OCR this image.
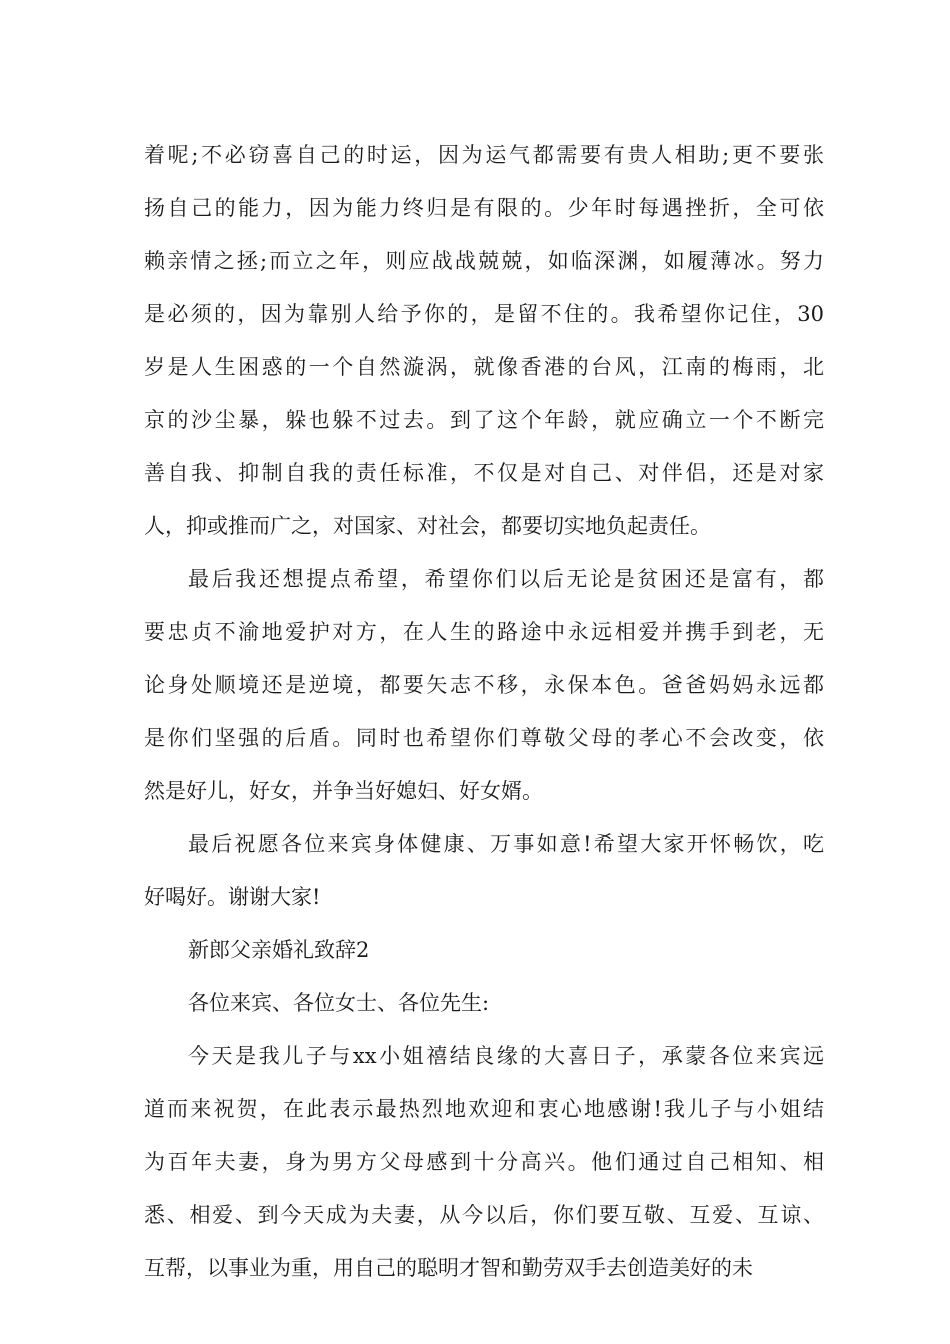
着呢;不必窃喜自己的时运，因为运气都需要有贵人相助;更不要张
扬自己的能力，因为能力终归是有限的。少年时每遇挫折，全可依
赖亲情之拯;而立之年，则应战战兢兢，如临深渊，如履薄冰。努力
是必须的，因为靠别人给予你的，是留不住的。我希望你记住，30
岁是人生困惑的一个自然漩涡，就像香港的台风，江南的梅雨，北
京的沙尘暴，躲也躲不过去。到了这个年龄，就应确立一个不断完
善自我、抑制自我的责任标准，不仅是对自己、对伴侣，还是对家
人，抑或推而广之，对国家、对社会，都要切实地负起责任。
最后我还想提点希望，希望你们以后无论是贫困还是富有，都
要忠贞不渝地爱护对方，在人生的路途中永远相爱并携手到老，无
论身处顺境还是逆境，都要矢志不移，永保本色。爸爸妈妈永远都
是你们坚强的后盾。同时也希望你们尊敬父母的孝心不会改变，依
然是好儿，好女，并争当好媳妇、好女婿。
最后祝愿各位来宾身体健康、万事如意!希望大家开怀畅饮，吃
好喝好。谢谢大家!
新郎父亲婚礼致辞2
各位来宾、各位女士、各位先生:
今天是我儿子与xx小姐禧结良缘的大喜日子，承蒙各位来宾远
道而来祝贺，在此表示最热烈地欢迎和衷心地感谢!我儿子与小姐结
为百年夫妻，身为男方父母感到十分高兴。他们通过自己相知、相
悉、相爱、到今天成为夫妻，从今以后，你们要互敬、互爱、互谅、
互帮，以事业为重，用自己的聪明才智和勤劳双手去创造美好的未
